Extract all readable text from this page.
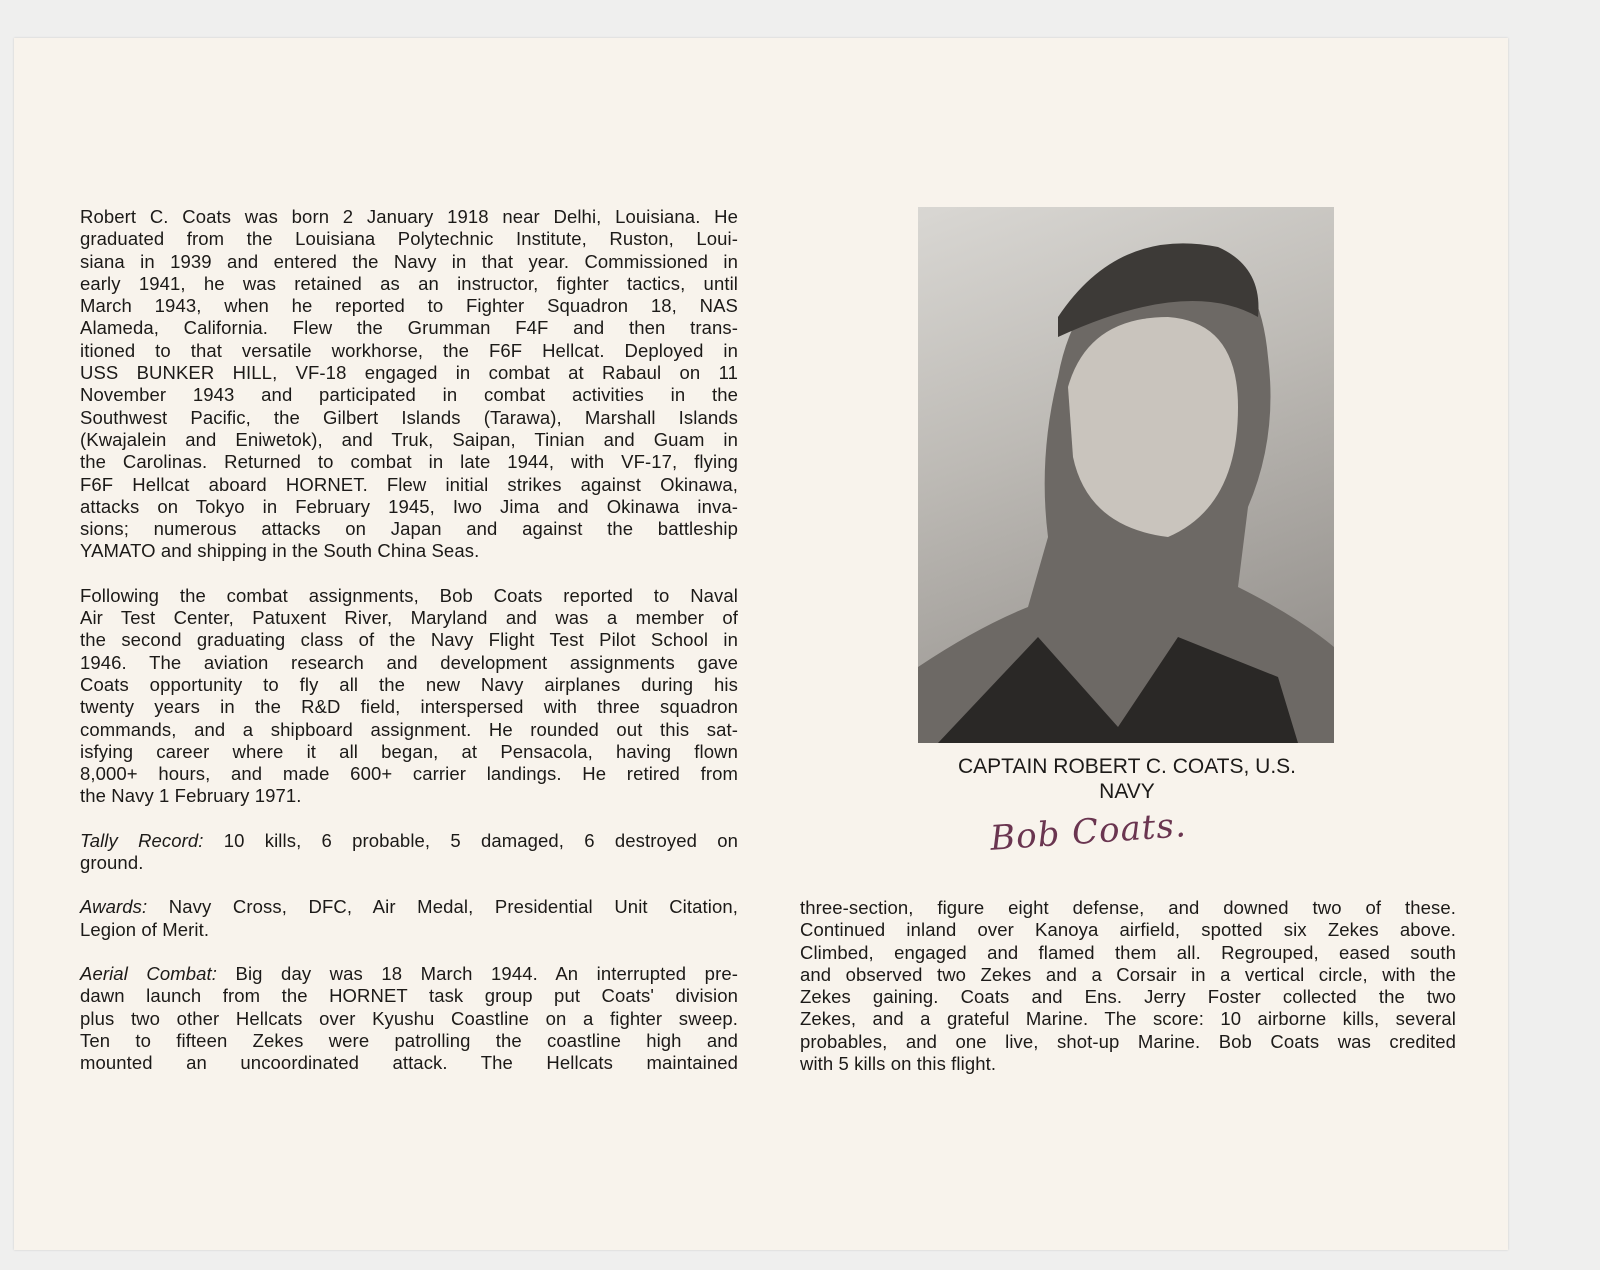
Robert C. Coats was born 2 January 1918 near Delhi, Louisiana. He
graduated from the Louisiana Polytechnic Institute, Ruston, Loui-
siana in 1939 and entered the Navy in that year. Commissioned in
early 1941, he was retained as an instructor, fighter tactics, until
March 1943, when he reported to Fighter Squadron 18, NAS
Alameda, California. Flew the Grumman F4F and then trans-
itioned to that versatile workhorse, the F6F Hellcat. Deployed in
USS BUNKER HILL, VF-18 engaged in combat at Rabaul on 11
November 1943 and participated in combat activities in the
Southwest Pacific, the Gilbert Islands (Tarawa), Marshall Islands
(Kwajalein and Eniwetok), and Truk, Saipan, Tinian and Guam in
the Carolinas. Returned to combat in late 1944, with VF-17, flying
F6F Hellcat aboard HORNET. Flew initial strikes against Okinawa,
attacks on Tokyo in February 1945, Iwo Jima and Okinawa inva-
sions; numerous attacks on Japan and against the battleship
YAMATO and shipping in the South China Seas.
Following the combat assignments, Bob Coats reported to Naval
Air Test Center, Patuxent River, Maryland and was a member of
the second graduating class of the Navy Flight Test Pilot School in
1946. The aviation research and development assignments gave
Coats opportunity to fly all the new Navy airplanes during his
twenty years in the R&D field, interspersed with three squadron
commands, and a shipboard assignment. He rounded out this sat-
isfying career where it all began, at Pensacola, having flown
8,000+ hours, and made 600+ carrier landings. He retired from
the Navy 1 February 1971.
Tally Record: 10 kills, 6 probable, 5 damaged, 6 destroyed on
ground.
Awards: Navy Cross, DFC, Air Medal, Presidential Unit Citation,
Legion of Merit.
Aerial Combat: Big day was 18 March 1944. An interrupted pre-
dawn launch from the HORNET task group put Coats' division
plus two other Hellcats over Kyushu Coastline on a fighter sweep.
Ten to fifteen Zekes were patrolling the coastline high and
mounted an uncoordinated attack. The Hellcats maintained
three-section, figure eight defense, and downed two of these.
Continued inland over Kanoya airfield, spotted six Zekes above.
Climbed, engaged and flamed them all. Regrouped, eased south
and observed two Zekes and a Corsair in a vertical circle, with the
Zekes gaining. Coats and Ens. Jerry Foster collected the two
Zekes, and a grateful Marine. The score: 10 airborne kills, several
probables, and one live, shot-up Marine. Bob Coats was credited
with 5 kills on this flight.
CAPTAIN ROBERT C. COATS, U.S.
NAVY
Bob Coats.
